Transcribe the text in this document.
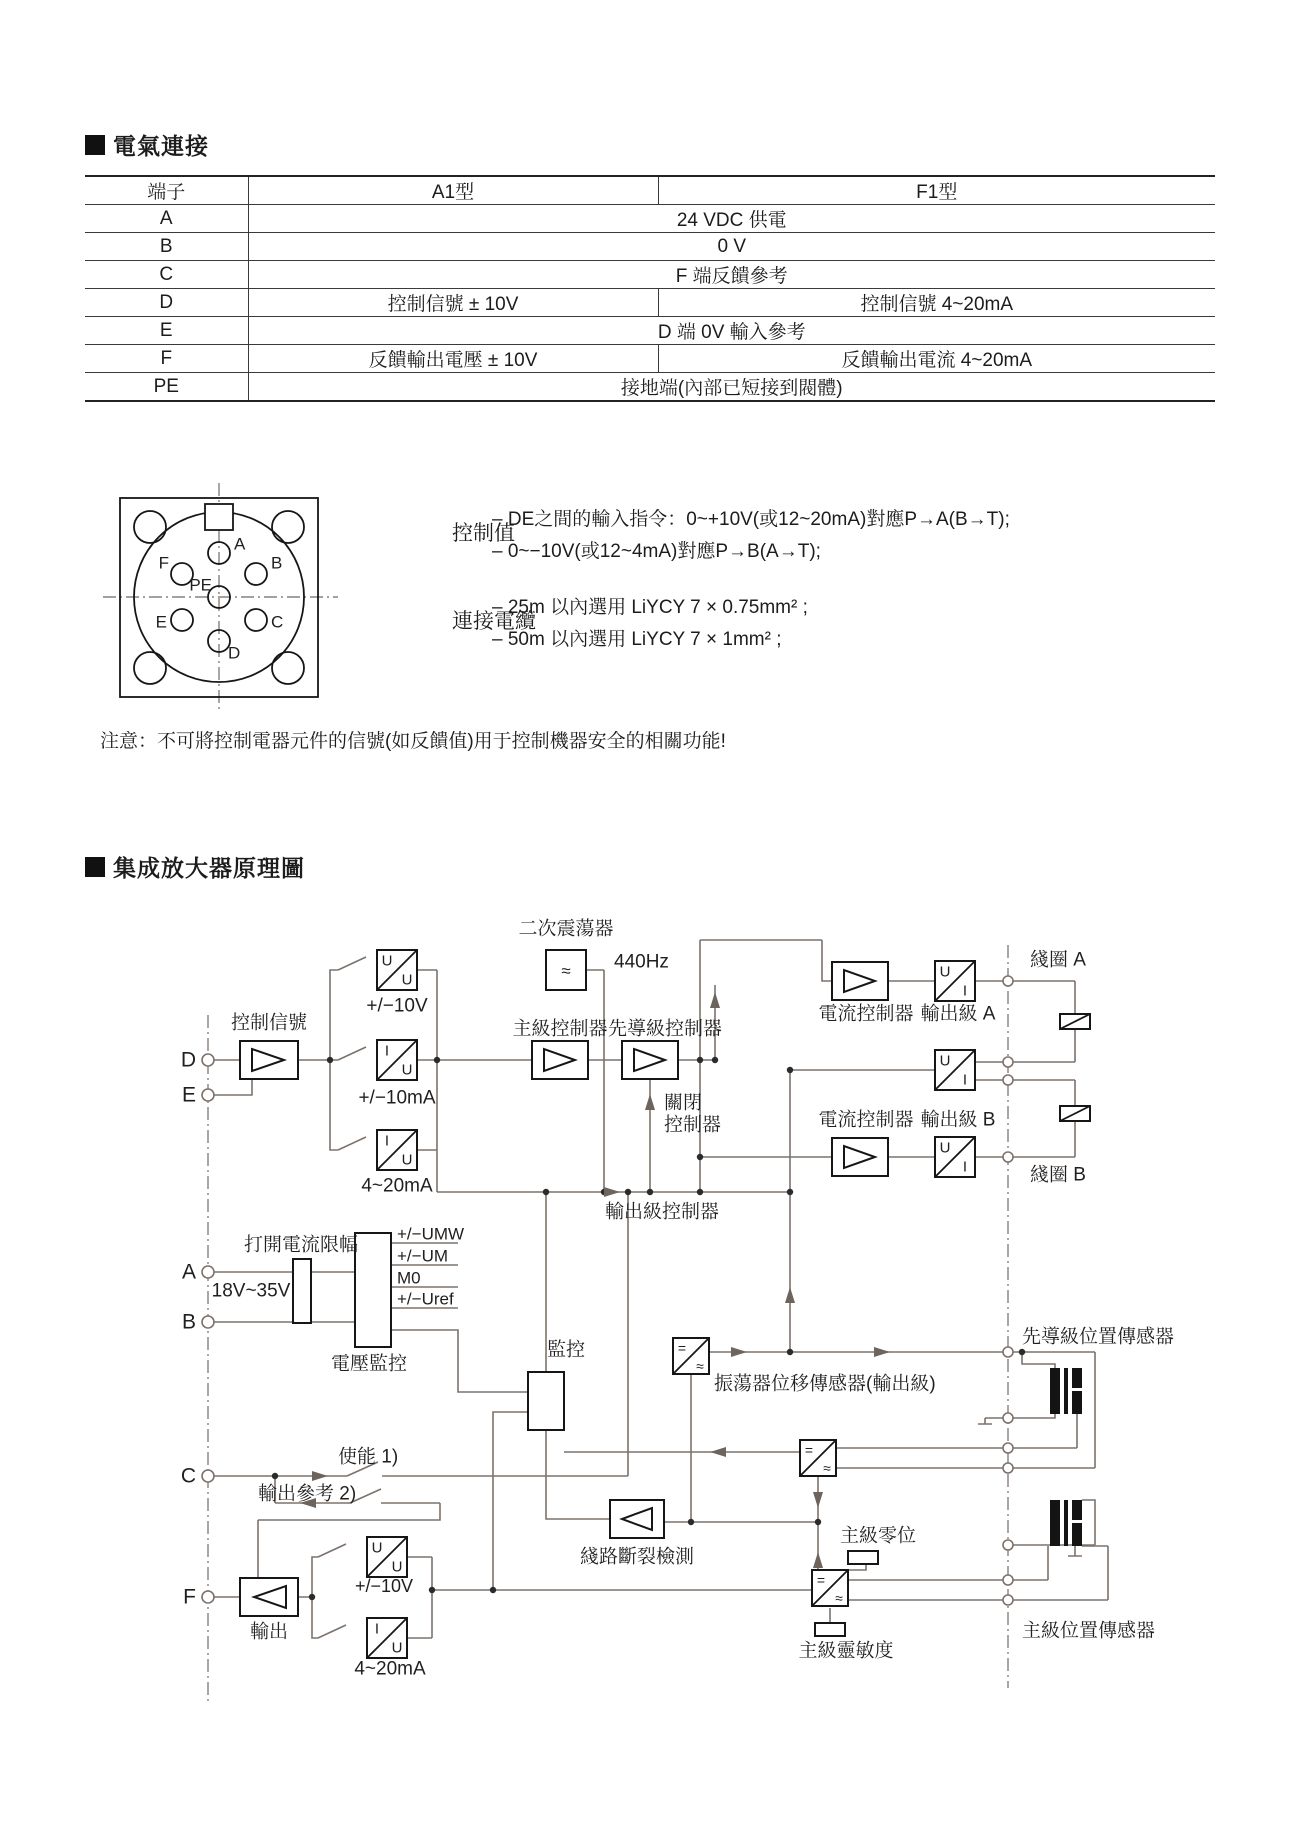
電氣連接
端子	A1型	F1型
A	24 VDC 供電	
B	0 V	
C	F 端反饋參考	
D	控制信號 ± 10V	控制信號 4~20mA
E	D 端 0V 輸入參考	
F	反饋輸出電壓 ± 10V	反饋輸出電流 4~20mA
PE	接地端(內部已短接到閥體)	
控制值
– DE之間的輸入指令：0~+10V(或12~20mA)對應P→A(B→T);
– 0~−10V(或12~4mA)對應P→B(A→T);
連接電纜
– 25m 以內選用 LiYCY 7 × 0.75mm² ;
– 50m 以內選用 LiYCY 7 × 1mm² ;
注意：不可將控制電器元件的信號(如反饋值)用于控制機器安全的相關功能!
集成放大器原理圖
A
B
C
D
E
F
PE
D
E
A
B
C
F
控制信號
+/−10V
+/−10mA
4~20mA
二次震蕩器
440Hz
主級控制器 先導級控制器
關閉
控制器
電流控制器 輸出級 A
綫圈 A
電流控制器 輸出級 B
綫圈 B
輸出級控制器
打開電流限幅
18V~35V
電壓監控
+/−UMW
+/−UM
M0
+/−Uref
監控
振蕩器位移傳感器(輸出級)
先導級位置傳感器
使能 1)
輸出參考 2)
綫路斷裂檢測
主級零位
主級靈敏度
主級位置傳感器
輸出
+/−10V
4~20mA
U
U
I
U
I
U
U
I
U
I
U
I
U
U
I
U
≈
=
≈
=
≈
=
≈
